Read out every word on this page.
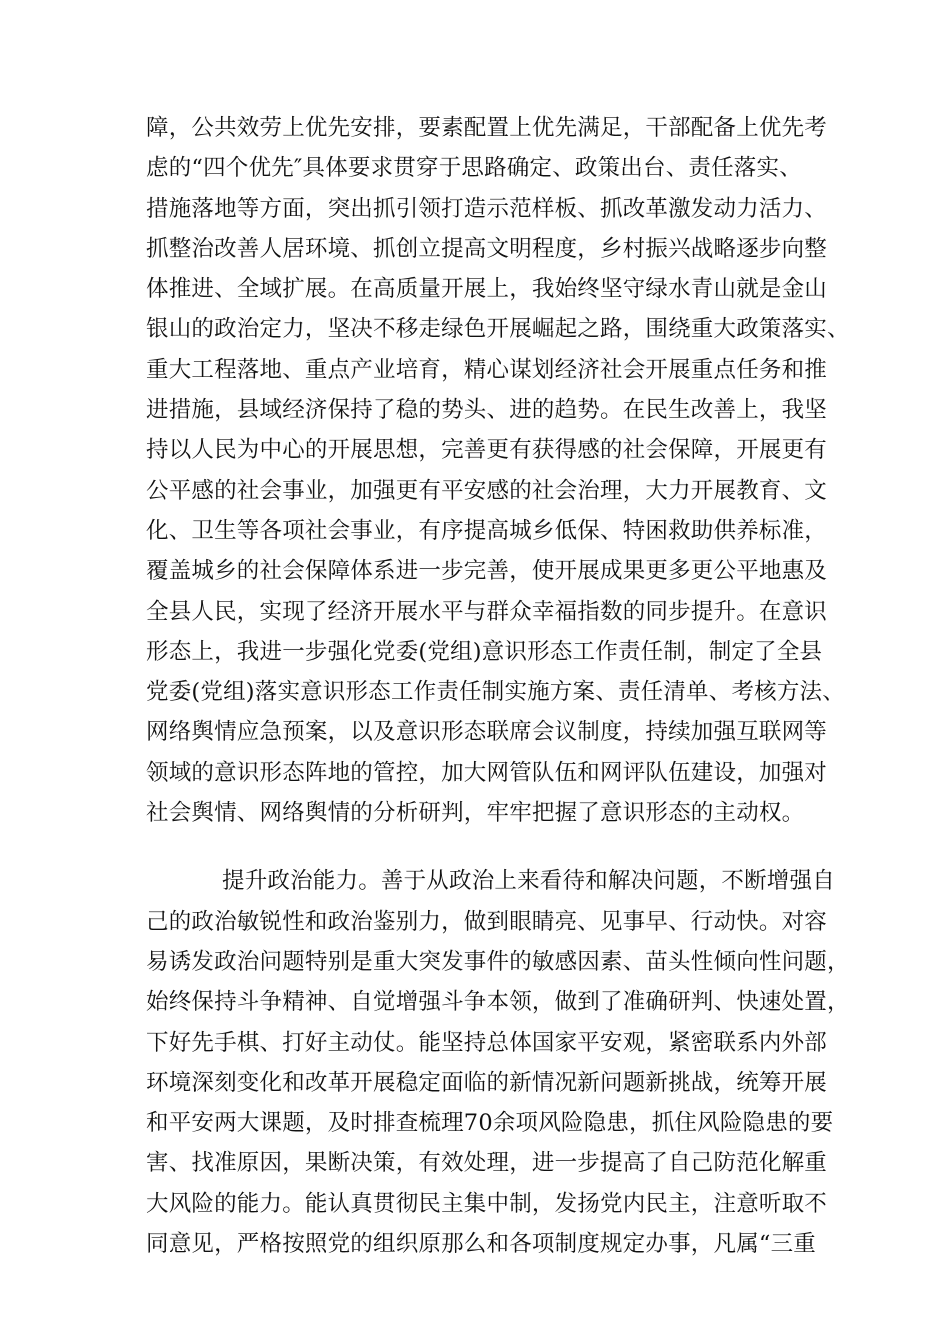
障，公共效劳上优先安排，要素配置上优先满足，干部配备上优先考
虑的“四个优先″具体要求贯穿于思路确定、政策出台、责任落实、
措施落地等方面，突出抓引领打造示范样板、抓改革激发动力活力、
抓整治改善人居环境、抓创立提高文明程度，乡村振兴战略逐步向整
体推进、全域扩展。在高质量开展上，我始终坚守绿水青山就是金山
银山的政治定力，坚决不移走绿色开展崛起之路，围绕重大政策落实、
重大工程落地、重点产业培育，精心谋划经济社会开展重点任务和推
进措施，县域经济保持了稳的势头、进的趋势。在民生改善上，我坚
持以人民为中心的开展思想，完善更有获得感的社会保障，开展更有
公平感的社会事业，加强更有平安感的社会治理，大力开展教育、文
化、卫生等各项社会事业，有序提高城乡低保、特困救助供养标准，
覆盖城乡的社会保障体系进一步完善，使开展成果更多更公平地惠及
全县人民，实现了经济开展水平与群众幸福指数的同步提升。在意识
形态上，我进一步强化党委(党组)意识形态工作责任制，制定了全县
党委(党组)落实意识形态工作责任制实施方案、责任清单、考核方法、
网络舆情应急预案，以及意识形态联席会议制度，持续加强互联网等
领域的意识形态阵地的管控，加大网管队伍和网评队伍建设，加强对
社会舆情、网络舆情的分析研判，牢牢把握了意识形态的主动权。
提升政治能力。善于从政治上来看待和解决问题，不断增强自
己的政治敏锐性和政治鉴别力，做到眼睛亮、见事早、行动快。对容
易诱发政治问题特别是重大突发事件的敏感因素、苗头性倾向性问题，
始终保持斗争精神、自觉增强斗争本领，做到了准确研判、快速处置，
下好先手棋、打好主动仗。能坚持总体国家平安观，紧密联系内外部
环境深刻变化和改革开展稳定面临的新情况新问题新挑战，统筹开展
和平安两大课题，及时排查梳理70余项风险隐患，抓住风险隐患的要
害、找准原因，果断决策，有效处理，进一步提高了自己防范化解重
大风险的能力。能认真贯彻民主集中制，发扬党内民主，注意听取不
同意见，严格按照党的组织原那么和各项制度规定办事，凡属“三重
